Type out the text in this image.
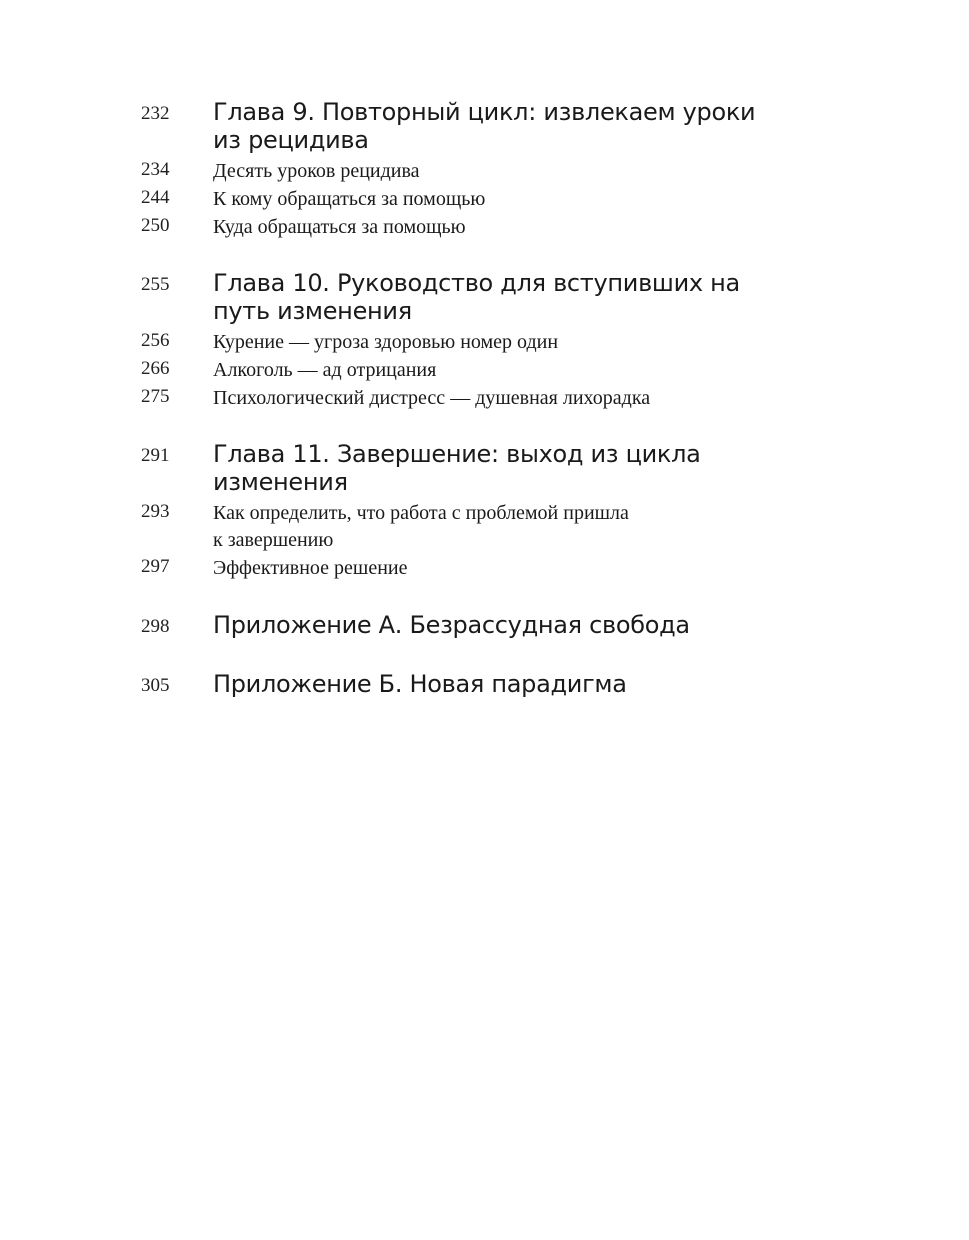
232 Глава 9. Повторный цикл: извлекаем уроки из рецидива
234 Десять уроков рецидива
244 К кому обращаться за помощью
250 Куда обращаться за помощью
255 Глава 10. Руководство для вступивших на путь изменения
256 Курение — угроза здоровью номер один
266 Алкоголь — ад отрицания
275 Психологический дистресс — душевная лихорадка
291 Глава 11. Завершение: выход из цикла изменения
293 Как определить, что работа с проблемой пришла к завершению
297 Эффективное решение
298 Приложение А. Безрассудная свобода
305 Приложение Б. Новая парадигма
